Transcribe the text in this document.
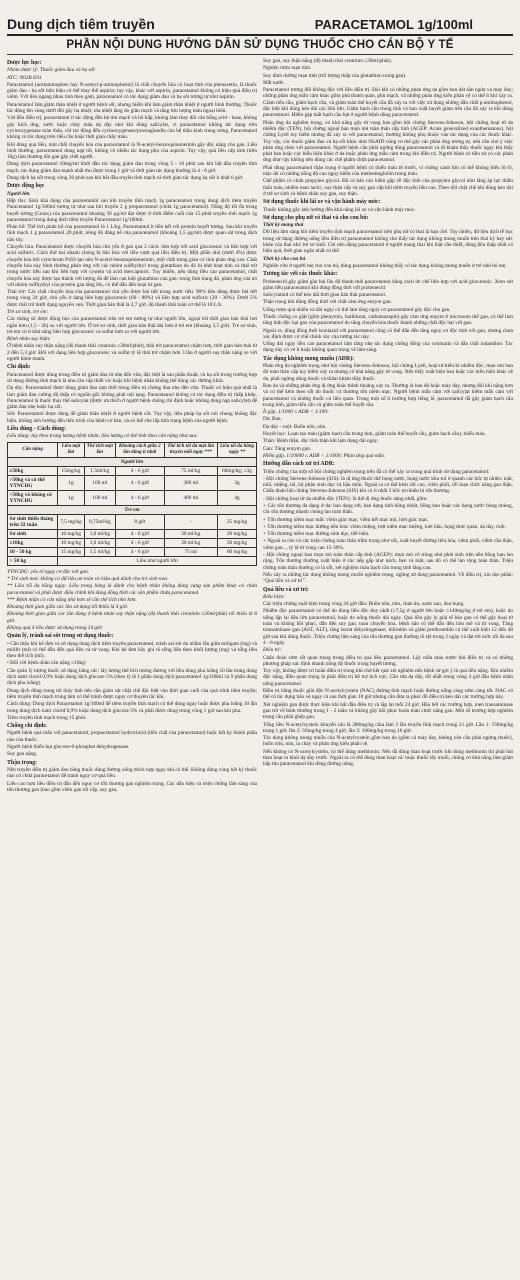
Dung dịch tiêm truyền	PARACETAMOL 1g/100ml
PHẦN NỘI DUNG HƯỚNG DẪN SỬ DỤNG THUỐC CHO CÁN BỘ Y TẾ

Dược lực học:

Nhóm dược lý: Thuốc giảm đau và hạ sốt

ATC: N02B E01

Paracetamol (acetaminophen hay N-acetyl-p-aminophenol) là chất chuyển hóa có hoạt tính của phenacetin, là thuốc giảm đau - hạ sốt hữu hiệu có thể thay thế aspirin; tuy vậy, khác với aspirin, paracetamol không có hiệu quả điều trị viêm. Với liều ngang nhau tính theo gam, paracetamol có tác dụng giảm đau và hạ sốt tương tự như aspirin.

Paracetamol làm giảm thân nhiệt ở người bệnh sốt, nhưng hiếm khi làm giảm thân nhiệt ở người bình thường. Thuốc tác động lên vùng dưới đồi gây hạ nhiệt, tỏa nhiệt tăng do giãn mạch và tăng lưu lượng máu ngoại biên.

Với liều điều trị, paracetamol ít tác động đến hệ tim mạch và hô hấp, không làm thay đổi cân bằng acid - base, không gây kích ứng, xước hoặc chảy máu dạ dày như khi dùng salicylat, vì paracetamol không tác dụng trên cyclooxygenase toàn thân, chỉ tác động đến cyclooxygenase/prostaglandin của hệ thần kinh trung ương. Paracetamol không có tác dụng trên tiểu cầu hoặc thời gian chảy máu.

Khi dùng quá liều, một chất chuyển hóa của paracetamol là N-acetyl-benzoquinoneimin gây độc nặng cho gan. Liều bình thường, paracetamol dung nạp tốt, không có nhiều tác dụng phụ của aspirin. Tuy vậy, quá liều cấp tính (trên 10g) làm thương tổn gan gây chết người.

Dung dịch paracetamol 10mg/ml khởi đầu tác dụng giảm đau trong vòng 5 - 10 phút sau khi bắt đầu truyền tĩnh mạch, tác dụng giảm đau mạnh nhất thu được trong 1 giờ và thời gian tác dụng thường là 4 - 6 giờ.

Dung dịch hạ sốt trong vòng 30 phút sau khi bắt đầu truyền tĩnh mạch và thời gian tác dụng hạ sốt ít nhất 6 giờ.

Dược động học

Người lớn

Hấp thu: Sinh khả dụng của paracetamol sau khi truyền tĩnh mạch 1g paracetamol trong dung dịch tiêm truyền Paracetamol 1g/100ml tương tự như sau khi truyền 2 g propacetamol (chứa 1g paracetamol). Nồng độ tối đa trong huyết tương (Cmax) của paracetamol khoảng 30 μg/ml đạt được ở thời điểm cuối của 15 phút truyền tĩnh mạch 1g paracetamol trong dung dịch tiêm truyền Paracetamol 1g/100ml.

Phân bố: Thể tích phân bố của paracetamol là 1 L/kg. Paracetamol ít liên kết với protein huyết tương. Sau khi truyền tĩnh mạch 1 g paracetamol 20 phút, nồng độ đáng kể của paracetamol (khoảng 1,5 μg/ml) được quan sát trong dịch não tủy.

Chuyển hóa: Paracetamol được chuyển hóa chủ yếu ở gan qua 2 cách: liên hợp với acid glucuronic và liên hợp với acid sulfuric. Cách thứ hai nhanh chóng bị bão hòa với liều vượt quá liều điều trị. Một phần nhỏ (dưới 4%) được chuyển hóa bởi cytochrom P450 tạo nên N-acetyl-benzoquinoneimin, một chất trung gian có tính phản ứng cao. Chất chuyển hóa này bình thường phản ứng với các nhóm sulfhydryl trong glutathion do đó bị khử hoạt tính và thải trừ trong nước tiểu sau khi liên hợp với cystein và acid mercapturic. Tuy nhiên, nếu dùng liều cao paracetamol, chất chuyển hóa này được tạo thành với lượng đủ để làm cạn kiệt glutathion của gan; trong tình trạng đó, phản ứng của nó với nhóm sulfhydryl của protein gan tăng lên, có thể dẫn đến hoại tử gan.

Thải trừ: Các chất chuyển hóa của paracetamol chủ yếu được bài tiết trong nước tiểu. 90% liều dùng được bài tiết trong vòng 24 giờ, chủ yếu ở dạng liên hợp glucuronic (60 - 80%) và liên hợp acid sulfuric (20 - 30%). Dưới 5% được thải trừ dưới dạng nguyên vẹn. Thời gian bán thải là 2,7 giờ, độ thanh thải toàn cơ thể là 18 L/h.

Trẻ sơ sinh, trẻ em:

Các thông số dược động học của paracetamol trên trẻ em tương tự như người lớn, ngoại trừ thời gian bán thải hơi ngắn hơn (1,5 - 2h) so với người lớn. Ở trẻ sơ sinh, thời gian bán thải dài hơn ở trẻ em (khoảng 3,5 giờ). Trẻ sơ sinh, trẻ em có ít khả năng liên hợp glucuronic và sulfat hơn so với người lớn.

Bệnh nhân suy thận:

Ở bệnh nhân suy thận nặng (độ thanh thải creatinin ≤30ml/phút), thải trừ paracetamol chậm hơn, thời gian bán thải từ 2 đến 5,3 giờ. Đối với dạng liên hợp glucuronic và sulfat tỷ lệ thải trừ chậm hơn 3 lần ở người suy thận nặng so với người khỏe mạnh.

Chỉ định:

Paracetamol được dùng trong điều trị giảm đau từ nhẹ đến vừa, đặc biệt là sau phẫu thuật, và hạ sốt trong trường hợp sử dụng đường tĩnh mạch là nhu cầu cấp thiết và/ hoặc khi bệnh nhân không thể dùng các đường khác.

Dạ dày: Paracetamol được dùng giảm đau tạm thời trong điều trị chứng đau nhẹ đến vừa. Thuốc có hiệu quả nhất là làm giảm đau cường độ thấp có nguồn gốc không phải nội tạng. Paracetamol không có tác dụng điều trị thấp khớp. Paracetamol là thuốc thay thế salicylat (được ưa thích ở người bệnh chống chỉ định hoặc không dung nạp salicylat) để giảm đau nhẹ hoặc hạ sốt.

Sốt: Paracetamol được dùng để giảm thân nhiệt ở người bệnh sốt. Tuy vậy, liệu pháp hạ sốt nói chung không đặc hiệu, không ảnh hưởng đến tiến trình của bệnh cơ bản, và có thể che lấp tình trạng bệnh của người bệnh.

Liều dùng - Cách dùng:

Liều dùng: tùy theo trọng lượng bệnh nhân, liều lượng có thể tính theo cân nặng như sau:

Cân nặng	Liều một lần	Thể tích một lần	Khoảng cách giữa 2 lần dùng ít nhất	Thể tích tối đa một lần truyền mỗi ngày ***	Liều tối đa hằng ngày **
Người lớn					
≥50kg	15mg/kg	1,5ml/kg	4 - 6 giờ	75 ml/kg	60mg/kg; ≤3g
>50kg và có thể YTNCĐG	1g	100 ml	4 - 6 giờ	300 ml	3g
>50kg và không có YTNCĐG	1g	100 ml	4 - 6 giờ	400 ml	4g
Trẻ em					
Sơ sinh thiếu tháng trên 32 tuần	7,5 mg/kg	0,75ml/kg	8 giờ	-	25 mg/kg
Sơ sinh	10 mg/kg	1,0 ml/kg	4 - 6 giờ	30 ml/kg	30 mg/kg
≤10kg	10 mg/kg	1,0 ml/kg	4 - 6 giờ	30 ml/kg	30 mg/kg
10 - 50 kg	15 mg/kg	1,5 ml/kg	4 - 6 giờ	75 ml	60 mg/kg
> 50 kg	Liều như người lớn				

YTNCĐG: yếu tố nguy cơ độc với gan.

* Trẻ sinh non: không có dữ liệu an toàn và hiệu quả dành cho trẻ sinh non.

** Liều tối đa hằng ngày: Liều trong bảng là dành cho bệnh nhân không dùng cùng sản phẩm khác có chứa paracetamol và phải được điều chỉnh khi dùng đồng thời các sản phẩm chứa paracetamol.

*** Bệnh nhân có cân nặng nhỏ hơn sẽ cần thể tích nhỏ hơn.

Khoảng thời gian giữa các lần sử dụng tối thiểu là 4 giờ.

Khoảng thời gian giữa các lần dùng ở bệnh nhân suy thận nặng (độ thanh thải creatinin ≤30ml/phút) tối thiểu là 6 giờ.

Không quá 4 liều được sử dụng trong 24 giờ.

Quản lý, tránh sai sót trong sử dụng thuốc:

• Cần thận khi kê đơn và sử dụng dung dịch tiêm truyền paracetamol, tránh sai sót do nhầm lẫn giữa miligam (mg) và mililít (ml) có thể dẫn đến quá liều và tử vong. Khi kê đơn hãy ghi rõ tổng liều theo khối lượng (mg) và tổng liều theo thể tích (ml).

• Đối với bệnh nhân cân nặng ≤10kg:

Cần quản lý lượng thuốc sử dụng hằng các: lấy lượng thể tích tương đương với liều dùng pha loãng 10 lần trong dung dịch natri clorid 0,9% hoặc dung dịch glucose 5% (theo tỷ lệ 1 phần dung dịch paracetamol 1g/100ml và 9 phần dung dịch pha loãng).

Dung dịch dùng trong túi thủy tinh nên cần giám sát chặt chẽ đặc biệt vào thời gian cuối của quá trình tiêm truyền; tiêm truyền tĩnh mạch trung tâm có thể tránh được nguy cơ thuyên tắc khí.

Cách dùng: Dung dịch Paracetamol 1g/100ml để tiêm truyền tĩnh mạch có thể dùng ngay hoặc được pha loãng 10 lần trong dung dịch natri clorid 0,9% hoặc dung dịch glucose 5% và phải được dùng trong vòng 1 giờ sau khi pha.

Tiêm truyền tĩnh mạch trong 15 phút.

Chống chỉ định:

Người bệnh quá mẫn với paracetamol, propacetamol hydroclorid (tiền chất của paracetamol) hoặc bất kỳ thành phần nào của thuốc.

Người bệnh thiếu hụt glucose-6-phosphat dehydrogenase.

Suy gan nặng.

Thận trọng:

Nên truyền điều trị giảm đau bằng thuốc dùng đường uống thích hợp ngay khi có thể. Không dùng cùng bất kỳ thuốc nào có chứa paracetamol để tránh nguy cơ quá liều.

Liều cao hơn liều điều trị dẫn đến nguy cơ tổn thương gan nghiêm trọng. Các dấu hiệu và triệu chứng lâm sàng của tổn thương gan (bao gồm viêm gan tối cấp, suy gan,

Suy gan, suy thận nặng (độ thanh thải creatinin ≤30ml/phút).

Nghiện rượu mạn tính.

Suy dinh dưỡng mạn tính (trữ lượng thấp của glutathion trong gan).

Mất nước.

Paracetamol tương đối không độc với liều điều trị. Đôi khi có những phản ứng da gồm ban dát sần ngứa và mày đay; những phản ứng mẫn cảm khác gồm phù thanh quản, phù mạch, và những phản ứng kiểu phản vệ có thể ít khi xảy ra. Giảm tiểu cầu, giảm bạch cầu, và giảm toàn thể huyết cầu đã xảy ra với việc sử dụng những dẫn chất p-aminophenol, đặc biệt khi dùng kéo dài các liều lớn. Giảm bạch cầu trung tính và ban xuất huyết giảm tiểu cầu đã xảy ra khi dùng paracetamol. Hiếm gặp mất bạch cầu hạt ở người bệnh dùng paracetamol.

Phản ứng da nghiêm trọng, có khả năng gây tử vong bao gồm hội chứng Stevens-Johnson, hội chứng hoại tử da nhiễm độc (TEN), hội chứng ngoại ban mụn mủ toàn thân cấp tính (AGEP: Acute generalized exanthematous), hội chứng Lyell tuy hiếm nhưng đã xảy ra với paracetamol, thường không phụ thuộc vào tác dụng của các thuốc khác. Tuy vậy, các thuốc giảm đau và hạ sốt khác như NSAID cũng có thể gây các phản ứng tương tự, nên cần chú ý việc phản ứng chéo với paracetamol. Người bệnh cần phải ngừng dùng paracetamol và đi khám thầy thuốc ngay khi thấy phát ban hoặc các biểu hiện khác ở da hoặc phản ứng mẫn cảm trong khi điều trị. Người bệnh có tiền sử có các phản ứng như vậy không nên dùng các chế phẩm chứa paracetamol.

Phải dùng paracetamol thận trọng ở người bệnh có thiếu máu từ trước, vì chứng xanh tím có thể không biểu lộ rõ, mặc dù có những nồng độ cao nguy hiểm của methemoglobin trong máu.

Chế phẩm có chứa propylen glycol. Đã có báo cáo hiếm gặp về độc tính của propylen glycol như tăng áp lực thẩm thấu máu, nhiễm toan lactic, suy thận cấp và suy gan cấp khi tiêm truyền liều cao. Theo dõi chặt chẽ khi dùng kéo dài ở trẻ sơ sinh và bệnh nhân suy gan, suy thận.

Sử dụng thuốc khi lái xe và vận hành máy móc:

Thuốc không gây ảnh hưởng đến khả năng lái xe và vận hành máy móc.

Sử dụng cho phụ nữ có thai và cho con bú:

Thời kỳ mang thai

Dữ liệu lâm sàng khi tiêm truyền tĩnh mạch paracetamol trên phụ nữ có thai là hạn chế. Tuy nhiên, dữ liệu dịch tễ học trong sử dụng đường uống liều điều trị paracetamol không cho thấy tác dụng không mong muốn trên thai kỳ hay sức khỏe của thai nhi/ trẻ sơ sinh. Chỉ nên dùng paracetamol ở người mang thai khi thật cần thiết, dùng liều thấp nhất có hiệu quả, thời gian ngắn nhất có thể.

Thời kỳ cho con bú

Nghiên cứu ở người mẹ cho con bú, dùng paracetamol không thấy có tác dụng không mong muốn ở trẻ nhỏ bú mẹ.

Tương tác với các thuốc khác:

Probenecid gây giảm gần hai lần độ thanh thải paracetamol bằng cách ức chế liên hợp với acid glucuronic. Xem xét giảm liều paracetamol khi dùng đồng thời với probenecid.

Salicylamid có thể kéo dài thời gian bán thải paracetamol.

Thận trọng khi dùng đồng thời với chất cảm ứng enzym gan.

Uống rượu quá nhiều và dài ngày có thể làm tăng nguy cơ paracetamol gây độc cho gan.

Thuốc chống co giật (gồm phenytoin, barbiturat, carbamazepin) gây cảm ứng enzym ở microsom thể gan, có thể làm tăng tính độc hại gan của paracetamol do tăng chuyển hóa thuốc thành những chất độc hại với gan.

Ngoài ra, dùng đồng thời isoniazid với paracetamol cũng có thể dẫn đến tăng nguy cơ độc tính với gan, nhưng chưa xác định được cơ chế chính xác của tương tác này.

Uống dài ngày liều cao paracetamol làm tăng nhẹ tác dụng chống đông của coumarin và dẫn chất indandion. Tác dụng này có vẻ ít hoặc không quan trọng về lâm sàng.

Tác dụng không mong muốn (ADR):

Phản ứng da nghiêm trọng như hội chứng Stevens-Johnson, hội chứng Lyell, hoại tử biểu bì nhiễm độc, mụn mủ ban đỏ toàn thân cấp tuy hiếm xảy ra nhưng có khả năng gây tử vong. Nếu thấy xuất hiện ban hoặc các biểu hiện khác về da, phải ngừng dùng thuốc và thăm khám thầy thuốc.

Ban da và những phản ứng dị ứng khác thỉnh thoảng xảy ra. Thường là ban đỏ hoặc mày đay, nhưng đôi khi nặng hơn và có thể kèm theo sốt do thuốc và thương tổn niêm mạc. Người bệnh mẫn cảm với salicylat hiếm mẫn cảm với paracetamol và những thuốc có liên quan. Trong một số ít trường hợp riêng lẻ, paracetamol đã gây giảm bạch cầu trung tính, giảm tiểu cầu và giảm toàn thể huyết cầu.

Ít gặp, 1/1000 ≤ ADR < 1/100:

Da: Ban.

Dạ dày - ruột: Buồn nôn, nôn.

Huyết học: Loạn tạo máu (giảm bạch cầu trung tính, giảm toàn thể huyết cầu, giảm bạch cầu), thiếu máu.

Thận: Bệnh thận, độc tính thận khi lạm dụng dài ngày.

Gan: Tăng enzym gan.

Hiếm gặp, 1/10000 ≤ ADR < 1/1000: Phản ứng quá mẫn.

Hướng dẫn cách xử trí ADR:

Triệu chứng của một số hội chứng nghiêm trọng trên đã có thể xảy ra trong quá trình sử dụng paracetamol:

- Hội chứng Stevens-Johnson (SJS): là dị ứng thuốc thể bọng nước, bọng nước khu trú ở quanh các hốc tự nhiên: mắt, mũi, miệng, tai, bộ phận sinh dục và hậu môn. Ngoài ra có thể kèm sốt cao, viêm phổi, rối loạn chức năng gan thận. Chẩn đoán hội chứng Stevens-Johnson (SJS) khi có ít nhất 2 hốc tự nhiên bị tổn thương.

- Hội chứng hoại tử da nhiễm độc (TEN): là thể dị ứng thuốc nặng nhất, gồm:

+ Các tổn thương đa dạng ở da: ban dạng sởi, ban dạng tinh hồng nhiệt, hồng ban hoặc các bọng nước bùng nhùng, các tổn thương nhanh chóng lan toàn thân.

+ Tổn thương niêm mạc mắt: viêm giác mạc, viêm kết mạc mủ, loét giác mạc.

+ Tổn thương niêm mạc đường tiêu hóa: viêm miệng, trợt niêm mạc miệng, loét hầu, họng thực quản, dạ dày, ruột.

+ Tổn thương niêm mạc đường sinh dục, tiết niệu.

+ Ngoài ra còn có các triệu chứng toàn thân trầm trọng như sốt, xuất huyết đường tiêu hóa, viêm phổi, viêm cầu thận, viêm gan..., tỷ lệ tử vong cao 15-30%.

- Hội chứng ngoại ban mụn mủ toàn thân cấp tính (AGEP): mụn mủ vô trùng nhỏ phát sinh trên nền hồng ban lan rộng. Tổn thương thường xuất hiện ở các nếp gấp như nách, bẹn và mặt, sau đó có thể lan rộng toàn thân. Triệu chứng toàn thân thường có là sốt, xét nghiệm máu bạch cầu trung tính tăng cao.

Nếu xảy ra những tác dụng không mong muốn nghiêm trọng, ngừng sử dụng paracetamol. Về điều trị, xin đọc phần: "Quá liều và xử trí".

Quá liều và xử trí:

Biểu hiện:

Các triệu chứng xuất hiện trong vòng 24 giờ đầu: Buồn nôn, nôn, chán ăn, xanh xao, đau bụng.

Nhiễm độc paracetamol có thể do dùng liều độc duy nhất (≥7,5g ở người lớn hoặc ≥140mg/kg ở trẻ em), hoặc do uống lặp lại liều lớn paracetamol, hoặc do uống thuốc dài ngày. Quá liều gây ly giải tế bào gan có thể gây hoại tử toàn và không hồi phục, dẫn đến suy gan, toan chuyển hóa, bệnh não có thể dẫn đến hôn mê và tử vong. Tăng transaminase gan (AST, ALT), tăng lactat dehydrogenase, bilirubin và giảm prothrombin có thể xuất hiện 12 đến 48 giờ sau khi dùng thuốc. Triệu chứng lâm sàng của tổn thương gan thường rõ rệt trong 2 ngày và đạt tới mức tối đa sau 4 - 6 ngày.

Điều trị:

Chẩn đoán sớm rất quan trọng trong điều trị quá liều paracetamol. Lấy mẫu máu trước khi điều trị và có những phương pháp xác định nhanh nồng độ thuốc trong huyết tương.

Tuy vậy, không được trì hoãn điều trị trong khi chờ kết quả xét nghiệm nếu bệnh sử gợi ý là quá liều nặng. Khi nhiễm độc nặng, điều quan trọng là phải điều trị hỗ trợ tích cực. Cần rửa dạ dày, tốt nhất trong vòng 4 giờ đầu bệnh nhân uống paracetamol.

Điều trị bằng thuốc giải độc N-acetylcystein (NAC) đường tĩnh mạch hoặc đường uống càng sớm càng tốt. NAC có thể có tác dụng bảo vệ ngay cả sau thời gian 10 giờ nhưng cần đưa ra phác đồ điều trị kéo dài các trường hợp này.

Xét nghiệm gan được thực hiện khi bắt đầu điều trị và lặp lại mỗi 24 giờ. Hầu hết các trường hợp, men transaminase gan trở về bình thường trong 1 - 2 tuần và không gây hồi phục hoàn toàn chức năng gan. Một số trường hợp nghiêm trọng cần phải ghép gan.

Tổng liều N-acetylcystein khuyến cáo là 300mg/kg chia làm 3 lần truyền tĩnh mạch trong 21 giờ. Lần 1: 150mg/kg trong 1 giờ, lần 2: 50mg/kg trong 4 giờ, lần 3: 100mg/kg trong 16 giờ.

Tác dụng không mong muốn của N-acetylcystein gồm ban da (gồm cả mày đay, không yêu cầu phải ngừng thuốc), buồn nôn, nôn, ỉa chảy và phản ứng kiểu phản vệ.

Nếu không có N-acetylcystein, có thể dùng methionin. Nếu đã dùng than hoạt trước khi dùng methionin thì phải hút than hoạt ra khỏi dạ dày trước. Ngoài ra có thể dùng than hoạt và/ hoặc thuốc tẩy muối, chúng có khả năng làm giảm hấp thu paracetamol khi dùng đường uống.
